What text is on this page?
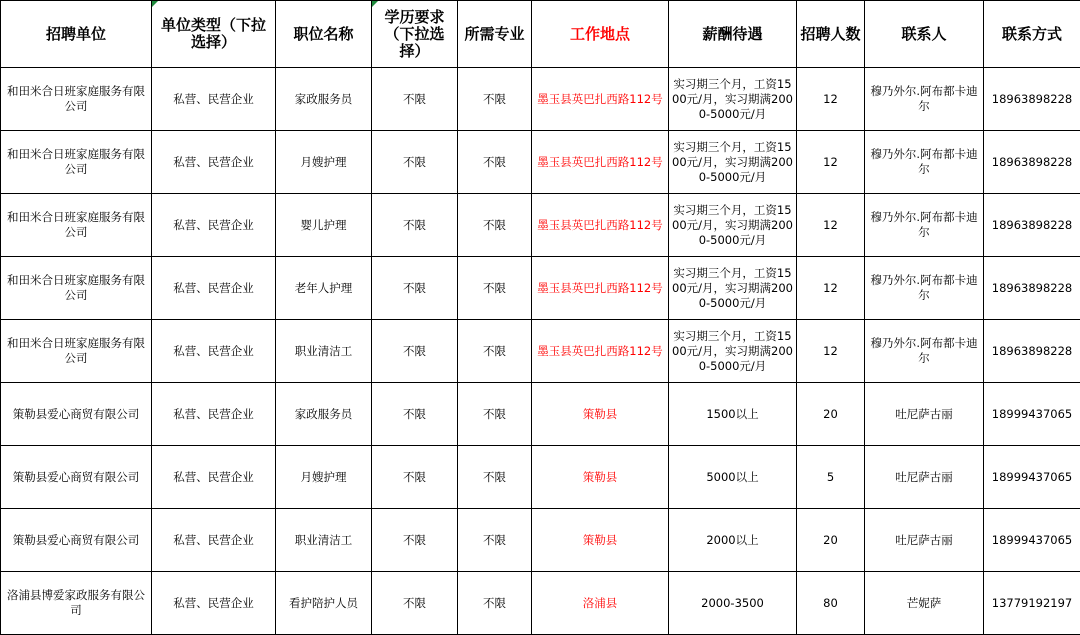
招聘单位	单位类型（下拉选择）	职位名称	学历要求（下拉选择）	所需专业	工作地点	薪酬待遇	招聘人数	联系人	联系方式
和田米合日班家庭服务有限公司	私营、民营企业	家政服务员	不限	不限	墨玉县英巴扎西路112号	实习期三个月，工资1500元/月，实习期满2000-5000元/月	12	穆乃外尔.阿布都卡迪尔	18963898228
和田米合日班家庭服务有限公司	私营、民营企业	月嫂护理	不限	不限	墨玉县英巴扎西路112号	实习期三个月，工资1500元/月，实习期满2000-5000元/月	12	穆乃外尔.阿布都卡迪尔	18963898228
和田米合日班家庭服务有限公司	私营、民营企业	婴儿护理	不限	不限	墨玉县英巴扎西路112号	实习期三个月，工资1500元/月，实习期满2000-5000元/月	12	穆乃外尔.阿布都卡迪尔	18963898228
和田米合日班家庭服务有限公司	私营、民营企业	老年人护理	不限	不限	墨玉县英巴扎西路112号	实习期三个月，工资1500元/月，实习期满2000-5000元/月	12	穆乃外尔.阿布都卡迪尔	18963898228
和田米合日班家庭服务有限公司	私营、民营企业	职业清洁工	不限	不限	墨玉县英巴扎西路112号	实习期三个月，工资1500元/月，实习期满2000-5000元/月	12	穆乃外尔.阿布都卡迪尔	18963898228
策勒县爱心商贸有限公司	私营、民营企业	家政服务员	不限	不限	策勒县	1500以上	20	吐尼萨古丽	18999437065
策勒县爱心商贸有限公司	私营、民营企业	月嫂护理	不限	不限	策勒县	5000以上	5	吐尼萨古丽	18999437065
策勒县爱心商贸有限公司	私营、民营企业	职业清洁工	不限	不限	策勒县	2000以上	20	吐尼萨古丽	18999437065
洛浦县博爱家政服务有限公司	私营、民营企业	看护陪护人员	不限	不限	洛浦县	2000-3500	80	芒妮萨	13779192197
